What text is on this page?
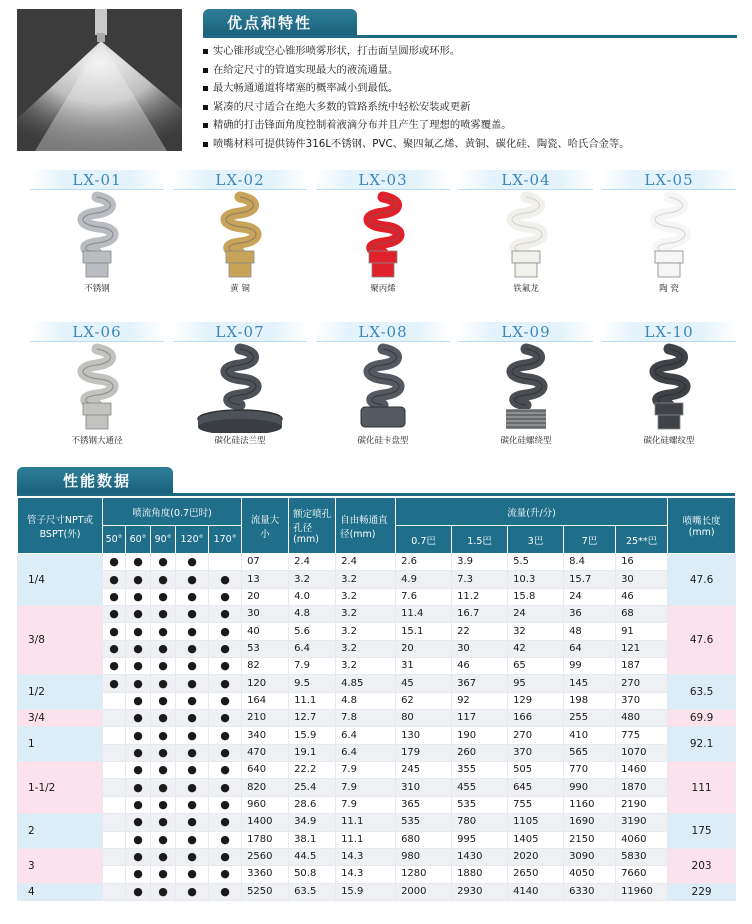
优点和特性
实心锥形或空心锥形喷雾形状，打击面呈圆形或环形。
在给定尺寸的管道实现最大的液流通量。
最大畅通通道将堵塞的概率减小到最低。
紧凑的尺寸适合在绝大多数的管路系统中轻松安装或更新
精确的打击锋面角度控制着液滴分布并且产生了理想的喷雾覆盖。
喷嘴材料可提供铸件316L不锈钢、PVC、聚四氟乙烯、黄铜、碳化硅、陶瓷、哈氏合金等。
LX-01
不锈钢
LX-02
黄 铜
LX-03
聚丙烯
LX-04
铁氟龙
LX-05
陶 瓷
LX-06
不锈钢大通径
LX-07
碳化硅法兰型
LX-08
碳化硅卡盘型
LX-09
碳化硅螺绕型
LX-10
碳化硅螺纹型
性能数据
管子尺寸NPT或BSPT(外)	喷流角度(0.7巴时)					流量大小	额定喷孔孔径(mm)	自由畅通直径(mm)	流量(升/分)					喷嘴长度(mm)
	50°	60°	90°	120°	170°				0.7巴	1.5巴	3巴	7巴	25**巴	
1/4	●	●	●	●		07	2.4	2.4	2.6	3.9	5.5	8.4	16	47.6
	●	●	●	●	●	13	3.2	3.2	4.9	7.3	10.3	15.7	30	
	●	●	●	●	●	20	4.0	3.2	7.6	11.2	15.8	24	46	
3/8	●	●	●	●	●	30	4.8	3.2	11.4	16.7	24	36	68	47.6
	●	●	●	●	●	40	5.6	3.2	15.1	22	32	48	91	
	●	●	●	●	●	53	6.4	3.2	20	30	42	64	121	
	●	●	●	●	●	82	7.9	3.2	31	46	65	99	187	
1/2	●	●	●	●	●	120	9.5	4.85	45	367	95	145	270	63.5
		●	●	●	●	164	11.1	4.8	62	92	129	198	370	
3/4		●	●	●	●	210	12.7	7.8	80	117	166	255	480	69.9
1		●	●	●	●	340	15.9	6.4	130	190	270	410	775	92.1
		●	●	●	●	470	19.1	6.4	179	260	370	565	1070	
1-1/2		●	●	●	●	640	22.2	7.9	245	355	505	770	1460	111
		●	●	●	●	820	25.4	7.9	310	455	645	990	1870	
		●	●	●	●	960	28.6	7.9	365	535	755	1160	2190	
2		●	●	●	●	1400	34.9	11.1	535	780	1105	1690	3190	175
		●	●	●	●	1780	38.1	11.1	680	995	1405	2150	4060	
3		●	●	●	●	2560	44.5	14.3	980	1430	2020	3090	5830	203
		●	●	●	●	3360	50.8	14.3	1280	1880	2650	4050	7660	
4		●	●	●	●	5250	63.5	15.9	2000	2930	4140	6330	11960	229
